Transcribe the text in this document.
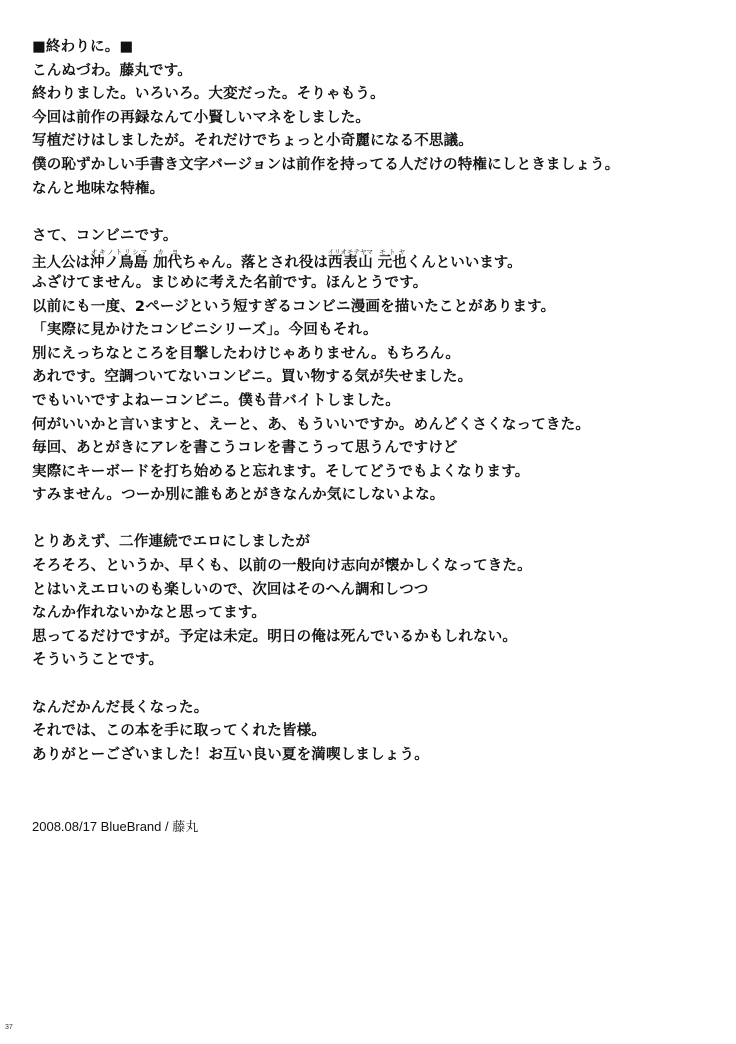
■終わりに。■
こんぬづわ。藤丸です。
終わりました。いろいろ。大変だった。そりゃもう。
今回は前作の再録なんて小賢しいマネをしました。
写植だけはしましたが。それだけでちょっと小奇麗になる不思議。
僕の恥ずかしい手書き文字バージョンは前作を持ってる人だけの特権にしときましょう。
なんと地味な特権。
さて、コンビニです。
主人公は沖ノ鳥島オキノトリシマ 加代カヨちゃん。落とされ役は西表山イリオモテヤマ 元也モトヤくんといいます。
ふざけてません。まじめに考えた名前です。ほんとうです。
以前にも一度、2ページという短すぎるコンビニ漫画を描いたことがあります。
「実際に見かけたコンビニシリーズ」。今回もそれ。
別にえっちなところを目撃したわけじゃありません。もちろん。
あれです。空調ついてないコンビニ。買い物する気が失せました。
でもいいですよねーコンビニ。僕も昔バイトしました。
何がいいかと言いますと、えーと、あ、もういいですか。めんどくさくなってきた。
毎回、あとがきにアレを書こうコレを書こうって思うんですけど
実際にキーボードを打ち始めると忘れます。そしてどうでもよくなります。
すみません。つーか別に誰もあとがきなんか気にしないよな。
とりあえず、二作連続でエロにしましたが
そろそろ、というか、早くも、以前の一般向け志向が懐かしくなってきた。
とはいえエロいのも楽しいので、次回はそのへん調和しつつ
なんか作れないかなと思ってます。
思ってるだけですが。予定は未定。明日の俺は死んでいるかもしれない。
そういうことです。
なんだかんだ長くなった。
それでは、この本を手に取ってくれた皆様。
ありがとーございました！お互い良い夏を満喫しましょう。
2008.08/17 BlueBrand / 藤丸
37
